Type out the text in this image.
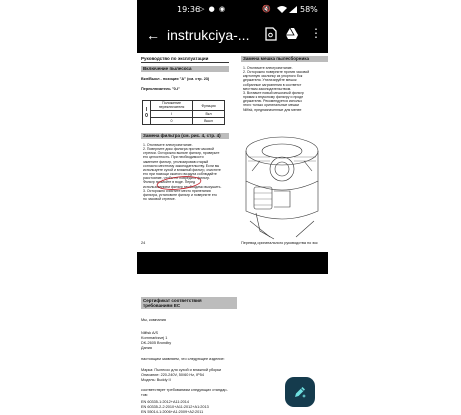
19:36
▷ ● ◉	🔇​	58%
← instrukciya-...	⋮
Руководство по эксплуатации
Включение пылесоса
Вкл/Выкл - позиция "A" (см. стр. 23)
Переключатель "0-I"
I
0	Положение переключателя	Функция
	I	Вкл
	0	Выкл
Замена фильтра (см. рис. 4, стр. 4)
1. Отключите электропитание.
2. Поверните диск фильтра против часовой
стрелки. Осторожно выньте фильтр, проверьте
его целостность. При необходимости
замените фильтр, утилизировав старый
согласно местному законодательству. Если вы
используете сухой и влажный фильтр, очистите
его при помощи сжатого воздуха соблюдайте
расстояние, чтобы не повредить фильтр.
Фильтр промойте в воде. Перед
использованием фильтр необходимо высушить.
3. Осторожно очистите место прилегания
фильтра, установите фильтр и поверните его
по часовой стрелке.
24
Замена мешка пылесборника
1. Отключите электропитание.
2. Осторожно поверните против часовой
картонную заслонку из упорного бок
держателя. Утилизируйте мешок
собранные загрязнения в соответст
местным законодательством.
3. Вставьте новый мешочный фильтр
прямик к впускному фильтру и проде
держателю. Рекомендуется использ
этого только оригинальные мешки
Nilfisk, предназначенные для менее
Перевод оригинального руководства по экс
Сертификат соответствия
требованиям ЕС
Мы, компания
Nilfisk A/S
Kornmarksvej 1
DK-2605 Brondby
Дания
настоящим заявляем, что следующее изделие:
Марка: Пылесос для сухой и влажной уборки
Описание: 220-240V, 50/60 Hz, IP54
Модель: Buddy II
соответствует требованиям следующих стандар-
тов:
EN 60335-1:2012+A11:2014
EN 60335-2-2:2010+A11:2012+A1:2013
EN 55014-1:2006+A1:2009+A2:2011
